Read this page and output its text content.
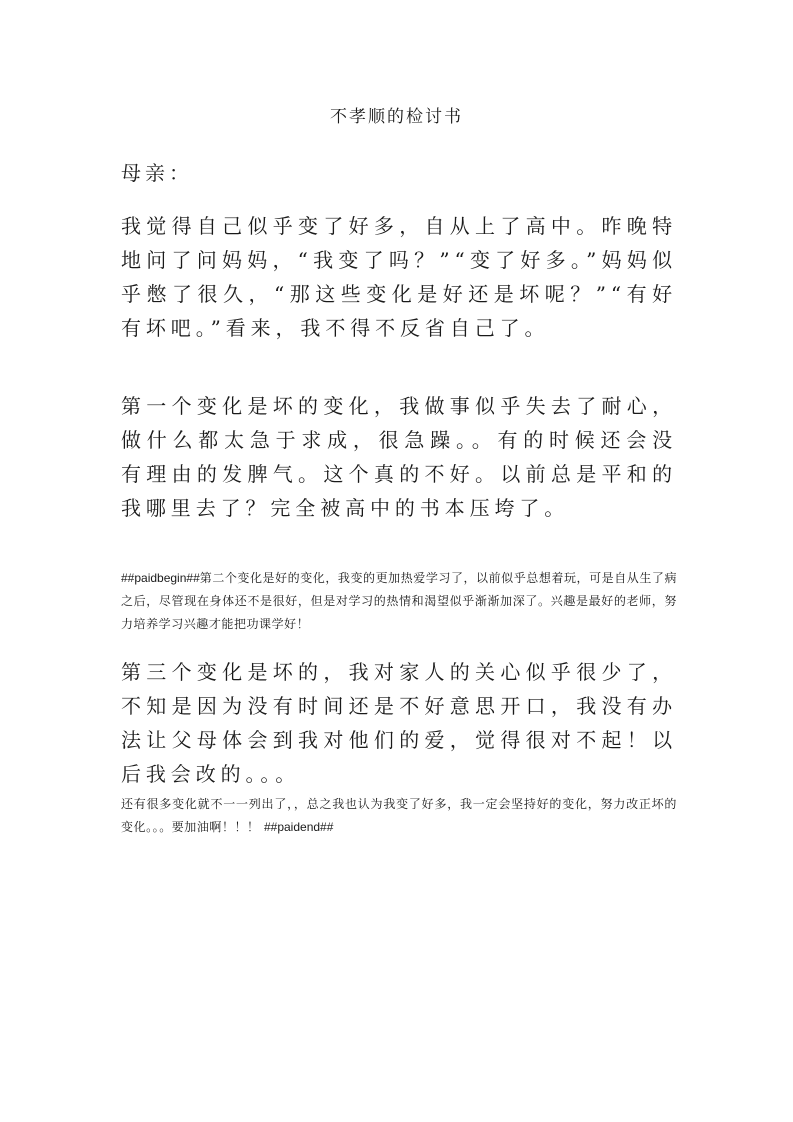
不孝顺的检讨书
母亲：

我觉得自己似乎变了好多，自从上了高中。昨晚特地问了问妈妈，“我变了吗？”“变了好多。”妈妈似乎憋了很久，“那这些变化是好还是坏呢？”“有好有坏吧。”看来，我不得不反省自己了。

第一个变化是坏的变化，我做事似乎失去了耐心，做什么都太急于求成，很急躁。。有的时候还会没有理由的发脾气。这个真的不好。以前总是平和的我哪里去了？完全被高中的书本压垮了。

##paidbegin##第二个变化是好的变化，我变的更加热爱学习了，以前似乎总想着玩，可是自从生了病之后，尽管现在身体还不是很好，但是对学习的热情和渴望似乎渐渐加深了。兴趣是最好的老师，努力培养学习兴趣才能把功课学好！

第三个变化是坏的，我对家人的关心似乎很少了，不知是因为没有时间还是不好意思开口，我没有办法让父母体会到我对他们的爱，觉得很对不起！以后我会改的。。。

还有很多变化就不一一列出了，，总之我也认为我变了好多，我一定会坚持好的变化，努力改正坏的变化。。。要加油啊！！！ ##paidend##
